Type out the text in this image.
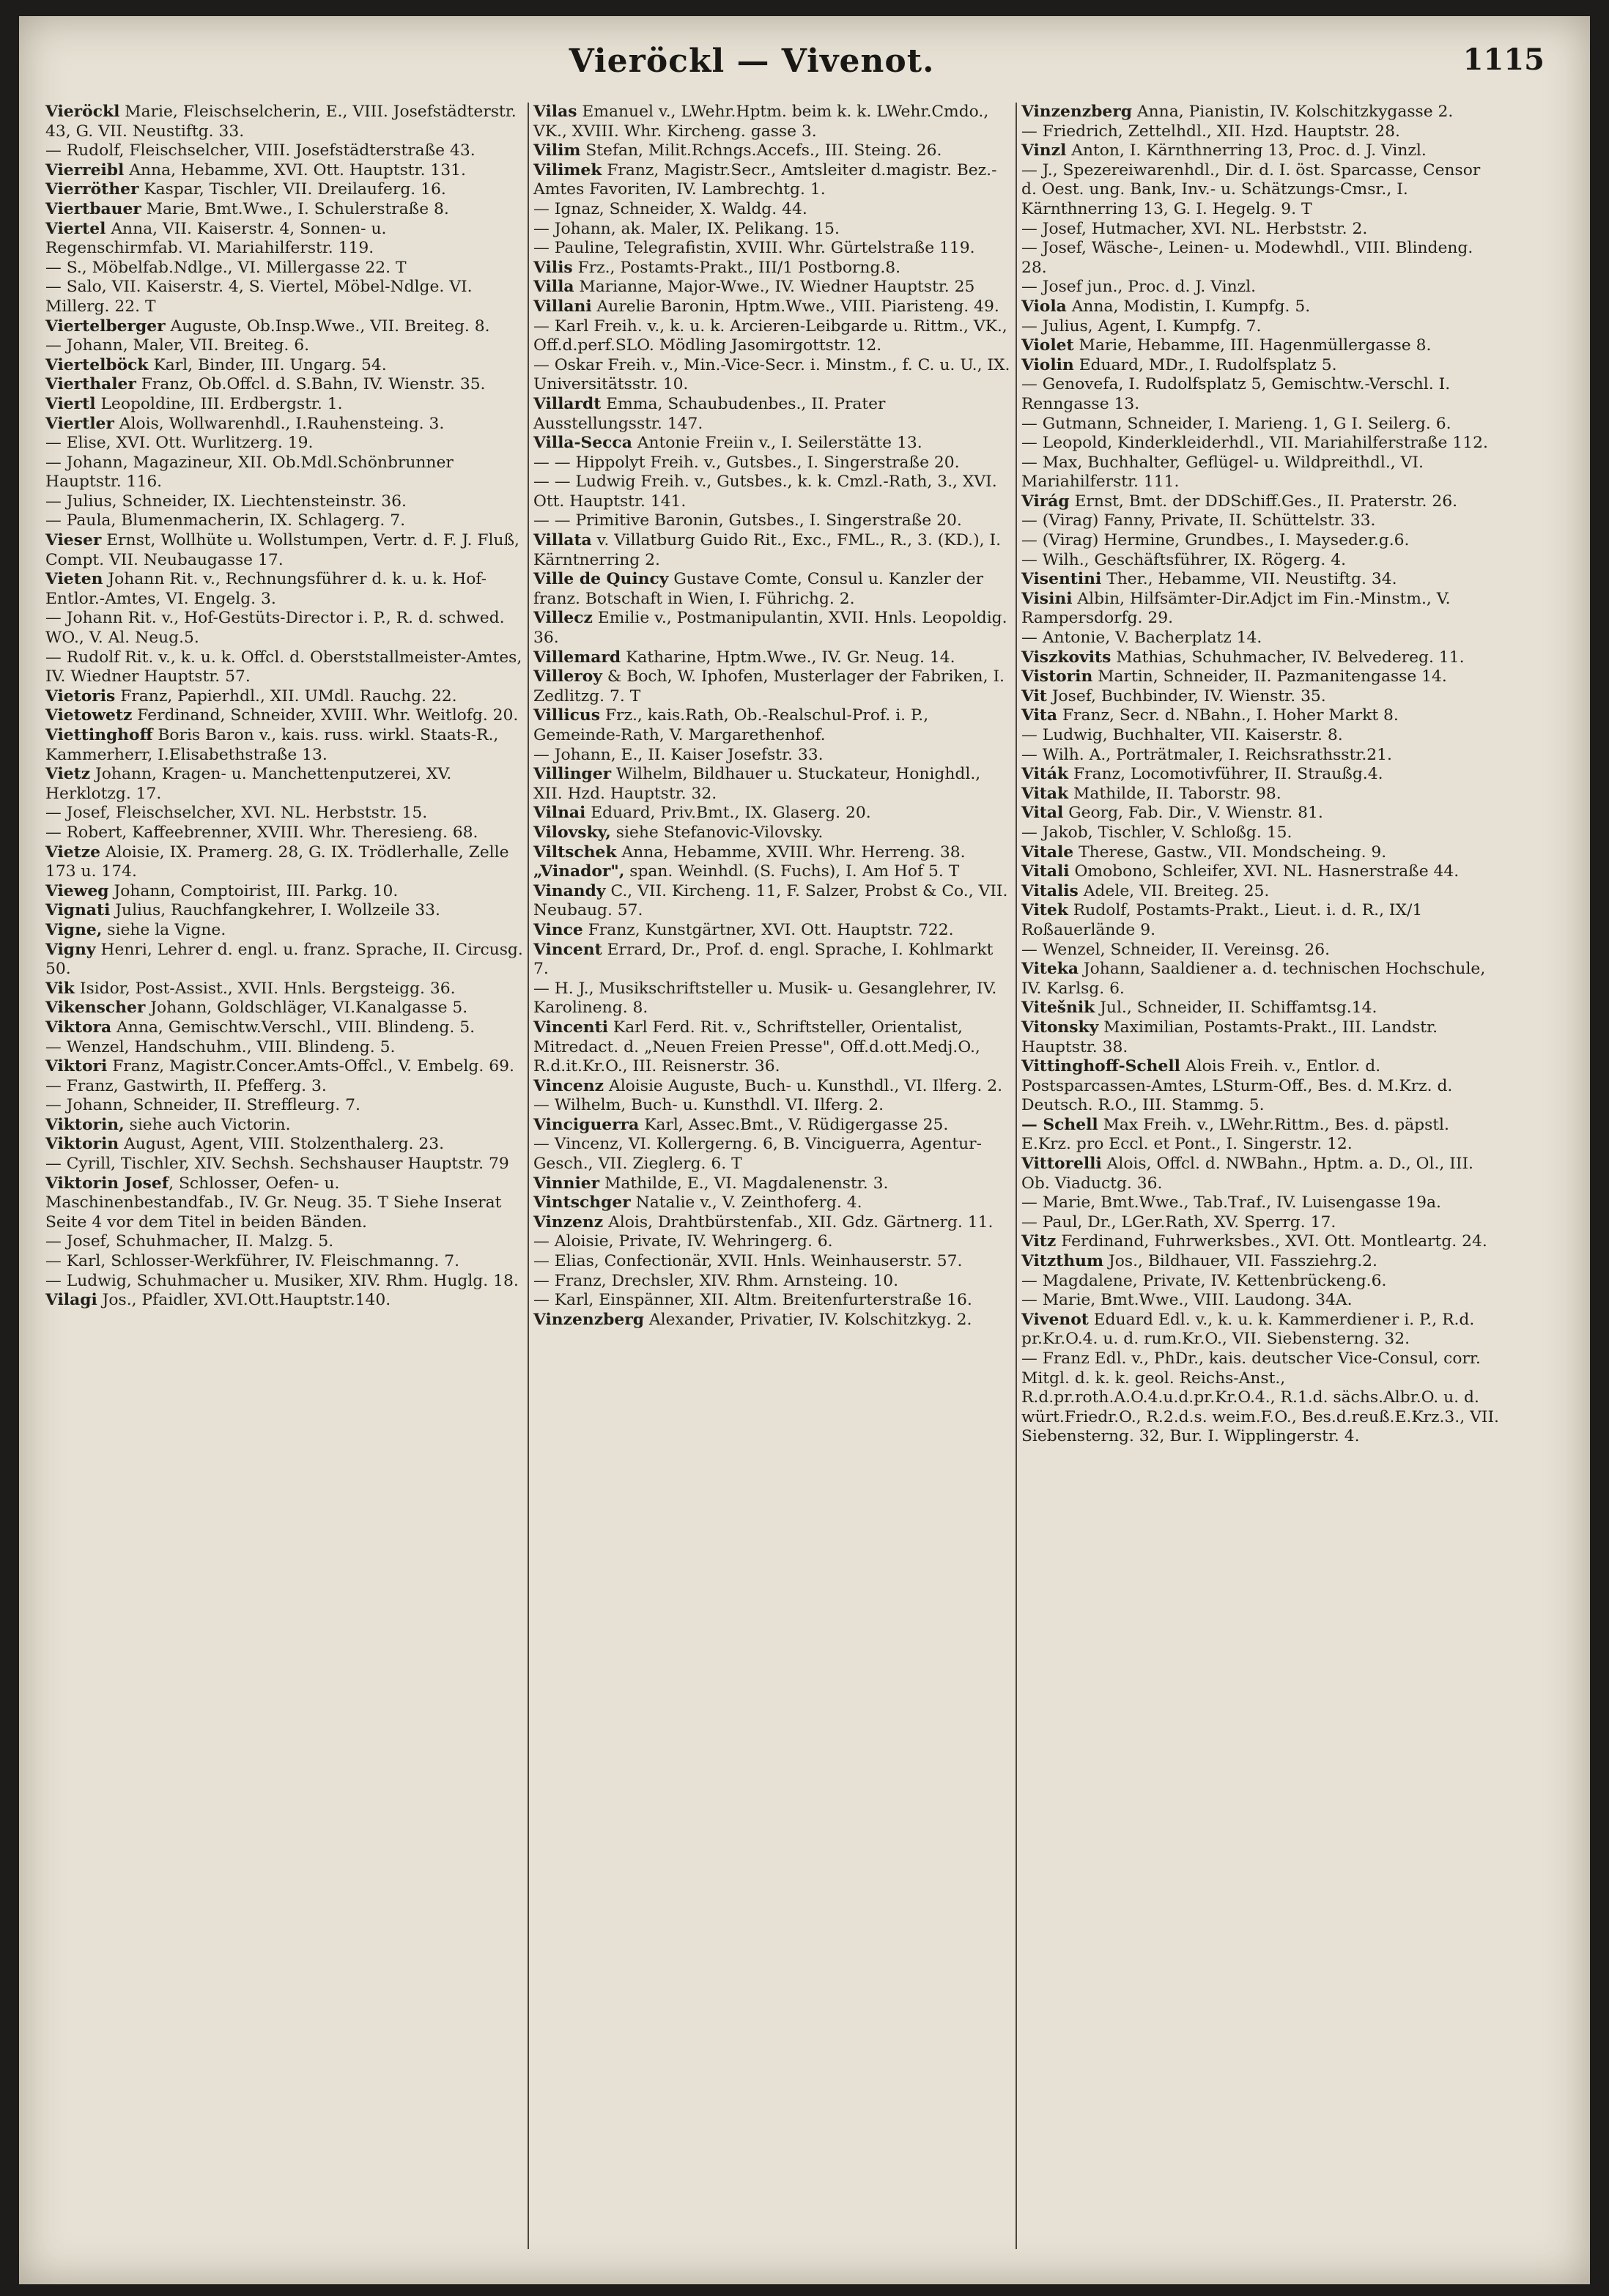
Vieröckl — Vivenot.	1115

Vieröckl Marie, Fleischselcherin, E., VIII. Josefstädterstr. 43, G. VII. Neustiftg. 33.

— Rudolf, Fleischselcher, VIII. Josefstädterstraße 43.

Vierreibl Anna, Hebamme, XVI. Ott. Hauptstr. 131.

Vierröther Kaspar, Tischler, VII. Dreilauferg. 16.

Viertbauer Marie, Bmt.Wwe., I. Schulerstraße 8.

Viertel Anna, VII. Kaiserstr. 4, Sonnen- u. Regenschirmfab. VI. Mariahilferstr. 119.

— S., Möbelfab.Ndlge., VI. Millergasse 22. T

— Salo, VII. Kaiserstr. 4, S. Viertel, Möbel-Ndlge. VI. Millerg. 22. T

Viertelberger Auguste, Ob.Insp.Wwe., VII. Breiteg. 8.

— Johann, Maler, VII. Breiteg. 6.

Viertelböck Karl, Binder, III. Ungarg. 54.

Vierthaler Franz, Ob.Offcl. d. S.Bahn, IV. Wienstr. 35.

Viertl Leopoldine, III. Erdbergstr. 1.

Viertler Alois, Wollwarenhdl., I.Rauhensteing. 3.

— Elise, XVI. Ott. Wurlitzerg. 19.

— Johann, Magazineur, XII. Ob.Mdl.Schönbrunner Hauptstr. 116.

— Julius, Schneider, IX. Liechtensteinstr. 36.

— Paula, Blumenmacherin, IX. Schlagerg. 7.

Vieser Ernst, Wollhüte u. Wollstumpen, Vertr. d. F. J. Fluß, Compt. VII. Neubaugasse 17.

Vieten Johann Rit. v., Rechnungsführer d. k. u. k. Hof-Entlor.-Amtes, VI. Engelg. 3.

— Johann Rit. v., Hof-Gestüts-Director i. P., R. d. schwed. WO., V. Al. Neug.5.

— Rudolf Rit. v., k. u. k. Offcl. d. Oberststallmeister-Amtes, IV. Wiedner Hauptstr. 57.

Vietoris Franz, Papierhdl., XII. UMdl. Rauchg. 22.

Vietowetz Ferdinand, Schneider, XVIII. Whr. Weitlofg. 20.

Viettinghoff Boris Baron v., kais. russ. wirkl. Staats-R., Kammerherr, I.Elisabethstraße 13.

Vietz Johann, Kragen- u. Manchettenputzerei, XV. Herklotzg. 17.

— Josef, Fleischselcher, XVI. NL. Herbststr. 15.

— Robert, Kaffeebrenner, XVIII. Whr. Theresieng. 68.

Vietze Aloisie, IX. Pramerg. 28, G. IX. Trödlerhalle, Zelle 173 u. 174.

Vieweg Johann, Comptoirist, III. Parkg. 10.

Vignati Julius, Rauchfangkehrer, I. Wollzeile 33.

Vigne, siehe la Vigne.

Vigny Henri, Lehrer d. engl. u. franz. Sprache, II. Circusg. 50.

Vik Isidor, Post-Assist., XVII. Hnls. Bergsteigg. 36.

Vikenscher Johann, Goldschläger, VI.Kanalgasse 5.

Viktora Anna, Gemischtw.Verschl., VIII. Blindeng. 5.

— Wenzel, Handschuhm., VIII. Blindeng. 5.

Viktori Franz, Magistr.Concer.Amts-Offcl., V. Embelg. 69.

— Franz, Gastwirth, II. Pfefferg. 3.

— Johann, Schneider, II. Streffleurg. 7.

Viktorin, siehe auch Victorin.

Viktorin August, Agent, VIII. Stolzenthalerg. 23.

— Cyrill, Tischler, XIV. Sechsh. Sechshauser Hauptstr. 79

Viktorin Josef, Schlosser, Oefen- u. Maschinenbestandfab., IV. Gr. Neug. 35. T Siehe Inserat Seite 4 vor dem Titel in beiden Bänden.

— Josef, Schuhmacher, II. Malzg. 5.

— Karl, Schlosser-Werkführer, IV. Fleischmanng. 7.

— Ludwig, Schuhmacher u. Musiker, XIV. Rhm. Huglg. 18.

Vilagi Jos., Pfaidler, XVI.Ott.Hauptstr.140.

Vilas Emanuel v., LWehr.Hptm. beim k. k. LWehr.Cmdo., VK., XVIII. Whr. Kircheng. gasse 3.

Vilim Stefan, Milit.Rchngs.Accefs., III. Steing. 26.

Vilimek Franz, Magistr.Secr., Amtsleiter d.magistr. Bez.-Amtes Favoriten, IV. Lambrechtg. 1.

— Ignaz, Schneider, X. Waldg. 44.

— Johann, ak. Maler, IX. Pelikang. 15.

— Pauline, Telegrafistin, XVIII. Whr. Gürtelstraße 119.

Vilis Frz., Postamts-Prakt., III/1 Postborng.8.

Villa Marianne, Major-Wwe., IV. Wiedner Hauptstr. 25

Villani Aurelie Baronin, Hptm.Wwe., VIII. Piaristeng. 49.

— Karl Freih. v., k. u. k. Arcieren-Leibgarde u. Rittm., VK., Off.d.perf.SLO. Mödling Jasomirgottstr. 12.

— Oskar Freih. v., Min.-Vice-Secr. i. Minstm., f. C. u. U., IX. Universitätsstr. 10.

Villardt Emma, Schaubudenbes., II. Prater Ausstellungsstr. 147.

Villa-Secca Antonie Freiin v., I. Seilerstätte 13.

— — Hippolyt Freih. v., Gutsbes., I. Singerstraße 20.

— — Ludwig Freih. v., Gutsbes., k. k. Cmzl.-Rath, 3., XVI. Ott. Hauptstr. 141.

— — Primitive Baronin, Gutsbes., I. Singerstraße 20.

Villata v. Villatburg Guido Rit., Exc., FML., R., 3. (KD.), I. Kärntnerring 2.

Ville de Quincy Gustave Comte, Consul u. Kanzler der franz. Botschaft in Wien, I. Führichg. 2.

Villecz Emilie v., Postmanipulantin, XVII. Hnls. Leopoldig. 36.

Villemard Katharine, Hptm.Wwe., IV. Gr. Neug. 14.

Villeroy & Boch, W. Iphofen, Musterlager der Fabriken, I. Zedlitzg. 7. T

Villicus Frz., kais.Rath, Ob.-Realschul-Prof. i. P., Gemeinde-Rath, V. Margarethenhof.

— Johann, E., II. Kaiser Josefstr. 33.

Villinger Wilhelm, Bildhauer u. Stuckateur, Honighdl., XII. Hzd. Hauptstr. 32.

Vilnai Eduard, Priv.Bmt., IX. Glaserg. 20.

Vilovsky, siehe Stefanovic-Vilovsky.

Viltschek Anna, Hebamme, XVIII. Whr. Herreng. 38.

„Vinador", span. Weinhdl. (S. Fuchs), I. Am Hof 5. T

Vinandy C., VII. Kircheng. 11, F. Salzer, Probst & Co., VII. Neubaug. 57.

Vince Franz, Kunstgärtner, XVI. Ott. Hauptstr. 722.

Vincent Errard, Dr., Prof. d. engl. Sprache, I. Kohlmarkt 7.

— H. J., Musikschriftsteller u. Musik- u. Gesanglehrer, IV. Karolineng. 8.

Vincenti Karl Ferd. Rit. v., Schriftsteller, Orientalist, Mitredact. d. „Neuen Freien Presse", Off.d.ott.Medj.O., R.d.it.Kr.O., III. Reisnerstr. 36.

Vincenz Aloisie Auguste, Buch- u. Kunsthdl., VI. Ilferg. 2.

— Wilhelm, Buch- u. Kunsthdl. VI. Ilferg. 2.

Vinciguerra Karl, Assec.Bmt., V. Rüdigergasse 25.

— Vincenz, VI. Kollergerng. 6, B. Vinciguerra, Agentur-Gesch., VII. Zieglerg. 6. T

Vinnier Mathilde, E., VI. Magdalenenstr. 3.

Vintschger Natalie v., V. Zeinthoferg. 4.

Vinzenz Alois, Drahtbürstenfab., XII. Gdz. Gärtnerg. 11.

— Aloisie, Private, IV. Wehringerg. 6.

— Elias, Confectionär, XVII. Hnls. Weinhauserstr. 57.

— Franz, Drechsler, XIV. Rhm. Arnsteing. 10.

— Karl, Einspänner, XII. Altm. Breitenfurterstraße 16.

Vinzenzberg Alexander, Privatier, IV. Kolschitzkyg. 2.

Vinzenzberg Anna, Pianistin, IV. Kolschitzkygasse 2.

— Friedrich, Zettelhdl., XII. Hzd. Hauptstr. 28.

Vinzl Anton, I. Kärnthnerring 13, Proc. d. J. Vinzl.

— J., Spezereiwarenhdl., Dir. d. I. öst. Sparcasse, Censor d. Oest. ung. Bank, Inv.- u. Schätzungs-Cmsr., I. Kärnthnerring 13, G. I. Hegelg. 9. T

— Josef, Hutmacher, XVI. NL. Herbststr. 2.

— Josef, Wäsche-, Leinen- u. Modewhdl., VIII. Blindeng. 28.

— Josef jun., Proc. d. J. Vinzl.

Viola Anna, Modistin, I. Kumpfg. 5.

— Julius, Agent, I. Kumpfg. 7.

Violet Marie, Hebamme, III. Hagenmüllergasse 8.

Violin Eduard, MDr., I. Rudolfsplatz 5.

— Genovefa, I. Rudolfsplatz 5, Gemischtw.-Verschl. I. Renngasse 13.

— Gutmann, Schneider, I. Marieng. 1, G I. Seilerg. 6.

— Leopold, Kinderkleiderhdl., VII. Mariahilferstraße 112.

— Max, Buchhalter, Geflügel- u. Wildpreithdl., VI. Mariahilferstr. 111.

Virág Ernst, Bmt. der DDSchiff.Ges., II. Praterstr. 26.

— (Virag) Fanny, Private, II. Schüttelstr. 33.

— (Virag) Hermine, Grundbes., I. Mayseder.g.6.

— Wilh., Geschäftsführer, IX. Rögerg. 4.

Visentini Ther., Hebamme, VII. Neustiftg. 34.

Visini Albin, Hilfsämter-Dir.Adjct im Fin.-Minstm., V. Rampersdorfg. 29.

— Antonie, V. Bacherplatz 14.

Viszkovits Mathias, Schuhmacher, IV. Belvedereg. 11.

Vistorin Martin, Schneider, II. Pazmanitengasse 14.

Vit Josef, Buchbinder, IV. Wienstr. 35.

Vita Franz, Secr. d. NBahn., I. Hoher Markt 8.

— Ludwig, Buchhalter, VII. Kaiserstr. 8.

— Wilh. A., Porträtmaler, I. Reichsrathsstr.21.

Viták Franz, Locomotivführer, II. Straußg.4.

Vitak Mathilde, II. Taborstr. 98.

Vital Georg, Fab. Dir., V. Wienstr. 81.

— Jakob, Tischler, V. Schloßg. 15.

Vitale Therese, Gastw., VII. Mondscheing. 9.

Vitali Omobono, Schleifer, XVI. NL. Hasnerstraße 44.

Vitalis Adele, VII. Breiteg. 25.

Vitek Rudolf, Postamts-Prakt., Lieut. i. d. R., IX/1 Roßauerlände 9.

— Wenzel, Schneider, II. Vereinsg. 26.

Viteka Johann, Saaldiener a. d. technischen Hochschule, IV. Karlsg. 6.

Vitešnik Jul., Schneider, II. Schiffamtsg.14.

Vitonsky Maximilian, Postamts-Prakt., III. Landstr. Hauptstr. 38.

Vittinghoff-Schell Alois Freih. v., Entlor. d. Postsparcassen-Amtes, LSturm-Off., Bes. d. M.Krz. d. Deutsch. R.O., III. Stammg. 5.

— Schell Max Freih. v., LWehr.Rittm., Bes. d. päpstl. E.Krz. pro Eccl. et Pont., I. Singerstr. 12.

Vittorelli Alois, Offcl. d. NWBahn., Hptm. a. D., Ol., III. Ob. Viaductg. 36.

— Marie, Bmt.Wwe., Tab.Traf., IV. Luisengasse 19a.

— Paul, Dr., LGer.Rath, XV. Sperrg. 17.

Vitz Ferdinand, Fuhrwerksbes., XVI. Ott. Montleartg. 24.

Vitzthum Jos., Bildhauer, VII. Fassziehrg.2.

— Magdalene, Private, IV. Kettenbrückeng.6.

— Marie, Bmt.Wwe., VIII. Laudong. 34A.

Vivenot Eduard Edl. v., k. u. k. Kammerdiener i. P., R.d. pr.Kr.O.4. u. d. rum.Kr.O., VII. Siebensterng. 32.

— Franz Edl. v., PhDr., kais. deutscher Vice-Consul, corr. Mitgl. d. k. k. geol. Reichs-Anst., R.d.pr.roth.A.O.4.u.d.pr.Kr.O.4., R.1.d. sächs.Albr.O. u. d. würt.Friedr.O., R.2.d.s. weim.F.O., Bes.d.reuß.E.Krz.3., VII. Siebensterng. 32, Bur. I. Wipplingerstr. 4.
